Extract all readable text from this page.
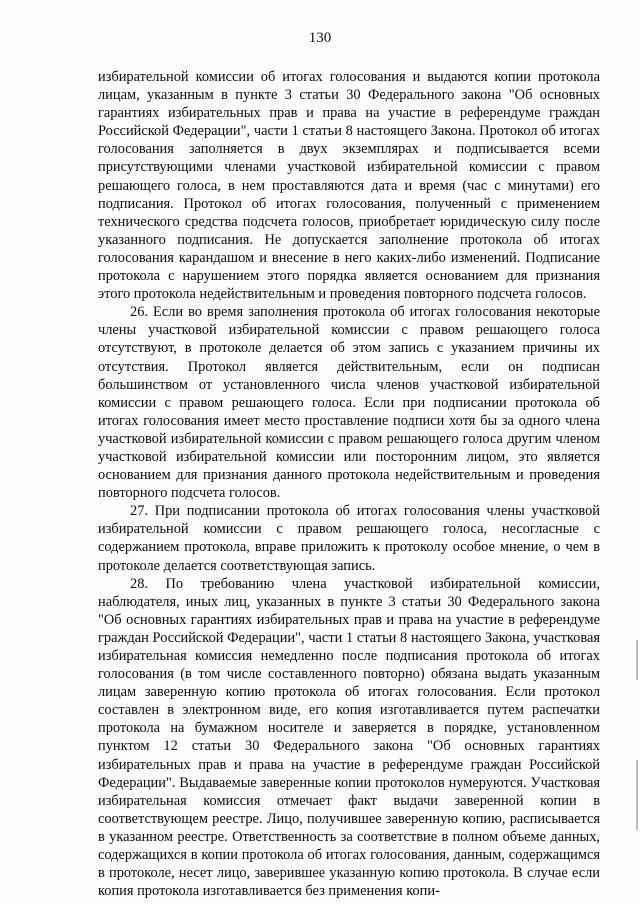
130

избирательной комиссии об итогах голосования и выдаются копии протокола лицам, указанным в пункте 3 статьи 30 Федерального закона "Об основных гарантиях избирательных прав и права на участие в референдуме граждан Российской Федерации", части 1 статьи 8 настоящего Закона. Протокол об итогах голосования заполняется в двух экземплярах и подписывается всеми присутствующими членами участковой избирательной комиссии с правом решающего голоса, в нем проставляются дата и время (час с минутами) его подписания. Протокол об итогах голосования, полученный с применением технического средства подсчета голосов, приобретает юридическую силу после указанного подписания. Не допускается заполнение протокола об итогах голосования карандашом и внесение в него каких-либо изменений. Подписание протокола с нарушением этого порядка является основанием для признания этого протокола недействительным и проведения повторного подсчета голосов.

26. Если во время заполнения протокола об итогах голосования некоторые члены участковой избирательной комиссии с правом решающего голоса отсутствуют, в протоколе делается об этом запись с указанием причины их отсутствия. Протокол является действительным, если он подписан большинством от установленного числа членов участковой избирательной комиссии с правом решающего голоса. Если при подписании протокола об итогах голосования имеет место проставление подписи хотя бы за одного члена участковой избирательной комиссии с правом решающего голоса другим членом участковой избирательной комиссии или посторонним лицом, это является основанием для признания данного протокола недействительным и проведения повторного подсчета голосов.

27. При подписании протокола об итогах голосования члены участковой избирательной комиссии с правом решающего голоса, несогласные с содержанием протокола, вправе приложить к протоколу особое мнение, о чем в протоколе делается соответствующая запись.

28. По требованию члена участковой избирательной комиссии, наблюдателя, иных лиц, указанных в пункте 3 статьи 30 Федерального закона "Об основных гарантиях избирательных прав и права на участие в референдуме граждан Российской Федерации", части 1 статьи 8 настоящего Закона, участковая избирательная комиссия немедленно после подписания протокола об итогах голосования (в том числе составленного повторно) обязана выдать указанным лицам заверенную копию протокола об итогах голосования. Если протокол составлен в электронном виде, его копия изготавливается путем распечатки протокола на бумажном носителе и заверяется в порядке, установленном пунктом 12 статьи 30 Федерального закона "Об основных гарантиях избирательных прав и права на участие в референдуме граждан Российской Федерации". Выдаваемые заверенные копии протоколов нумеруются. Участковая избирательная комиссия отмечает факт выдачи заверенной копии в соответствующем реестре. Лицо, получившее заверенную копию, расписывается в указанном реестре. Ответственность за соответствие в полном объеме данных, содержащихся в копии протокола об итогах голосования, данным, содержащимся в протоколе, несет лицо, заверившее указанную копию протокола. В случае если копия протокола изготавливается без применения копи-
